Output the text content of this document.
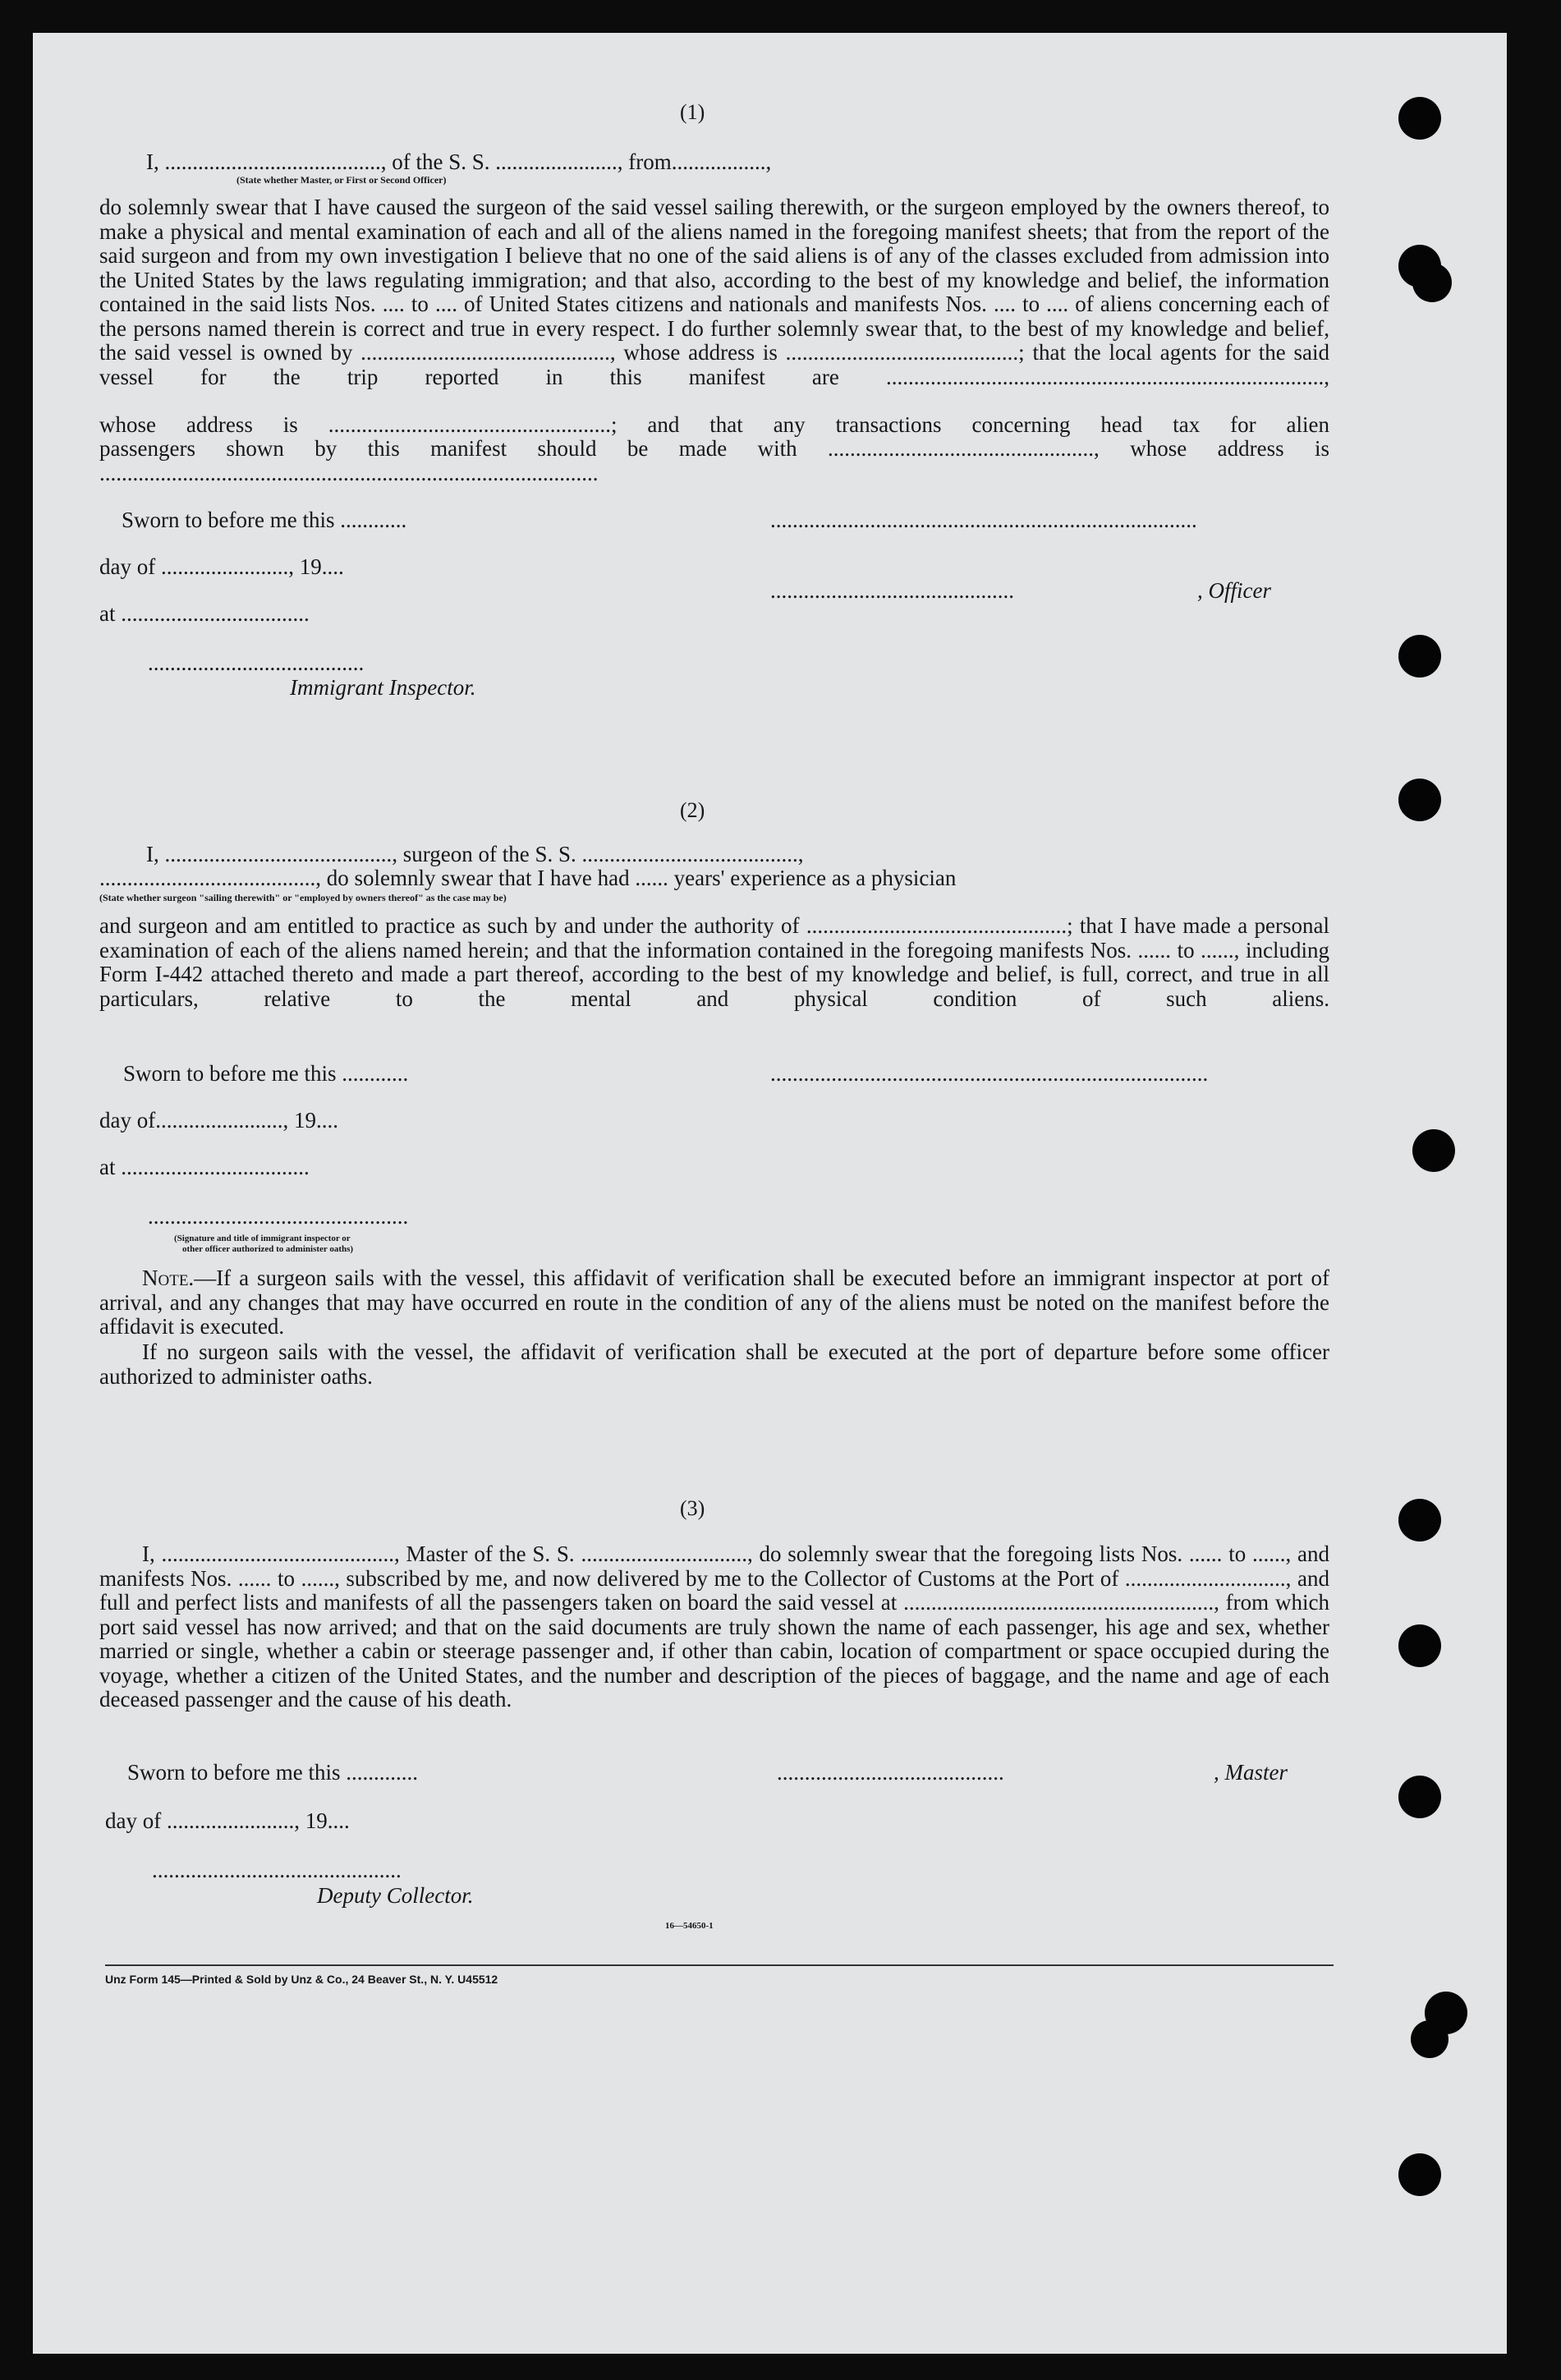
(1)
I, ......................................., of the S. S. ......................, from.................,
(State whether Master, or First or Second Officer)
do solemnly swear that I have caused the surgeon of the said vessel sailing therewith, or the surgeon employed by the owners thereof, to make a physical and mental examination of each and all of the aliens named in the foregoing manifest sheets; that from the report of the said surgeon and from my own investigation I believe that no one of the said aliens is of any of the classes excluded from admission into the United States by the laws regulating immigration; and that also, according to the best of my knowledge and belief, the information contained in the said lists Nos. .... to .... of United States citizens and nationals and manifests Nos. .... to .... of aliens concerning each of the persons named therein is correct and true in every respect. I do further solemnly swear that, to the best of my knowledge and belief, the said vessel is owned by ............................................., whose address is ..........................................; that the local agents for the said vessel for the trip reported in this manifest are ...............................................................................,
whose address is ...................................................; and that any transactions concerning head tax for alien
passengers shown by this manifest should be made with ................................................, whose address is
..........................................................................................
Sworn to before me this ............	.............................................................................
day of ......................., 19....
at ..................................
............................................	, Officer
.......................................
Immigrant Inspector.
(2)
I, ........................................., surgeon of the S. S. .......................................,
......................................., do solemnly swear that I have had ...... years' experience as a physician
(State whether surgeon "sailing therewith" or "employed by owners thereof" as the case may be)
and surgeon and am entitled to practice as such by and under the authority of ...............................................; that I have made a personal examination of each of the aliens named herein; and that the information contained in the foregoing manifests Nos. ...... to ......, including Form I-442 attached thereto and made a part thereof, according to the best of my knowledge and belief, is full, correct, and true in all particulars, relative to the mental and physical condition of such aliens.
Sworn to before me this ............	...............................................................................
day of......................., 19....
at ..................................
...............................................
(Signature and title of immigrant inspector or
other officer authorized to administer oaths)
Note.—If a surgeon sails with the vessel, this affidavit of verification shall be executed before an immigrant inspector at port of arrival, and any changes that may have occurred en route in the condition of any of the aliens must be noted on the manifest before the affidavit is executed.
If no surgeon sails with the vessel, the affidavit of verification shall be executed at the port of departure before some officer authorized to administer oaths.
(3)
I, .........................................., Master of the S. S. .............................., do solemnly swear that the foregoing lists Nos. ...... to ......, and manifests Nos. ...... to ......, subscribed by me, and now delivered by me to the Collector of Customs at the Port of ............................., and full and perfect lists and manifests of all the passengers taken on board the said vessel at ........................................................, from which port said vessel has now arrived; and that on the said documents are truly shown the name of each passenger, his age and sex, whether married or single, whether a cabin or steerage passenger and, if other than cabin, location of compartment or space occupied during the voyage, whether a citizen of the United States, and the number and description of the pieces of baggage, and the name and age of each deceased passenger and the cause of his death.
Sworn to before me this .............	.........................................	, Master
day of ......................., 19....
.............................................
Deputy Collector.
16—54650-1
Unz Form 145—Printed & Sold by Unz & Co., 24 Beaver St., N. Y. U45512
